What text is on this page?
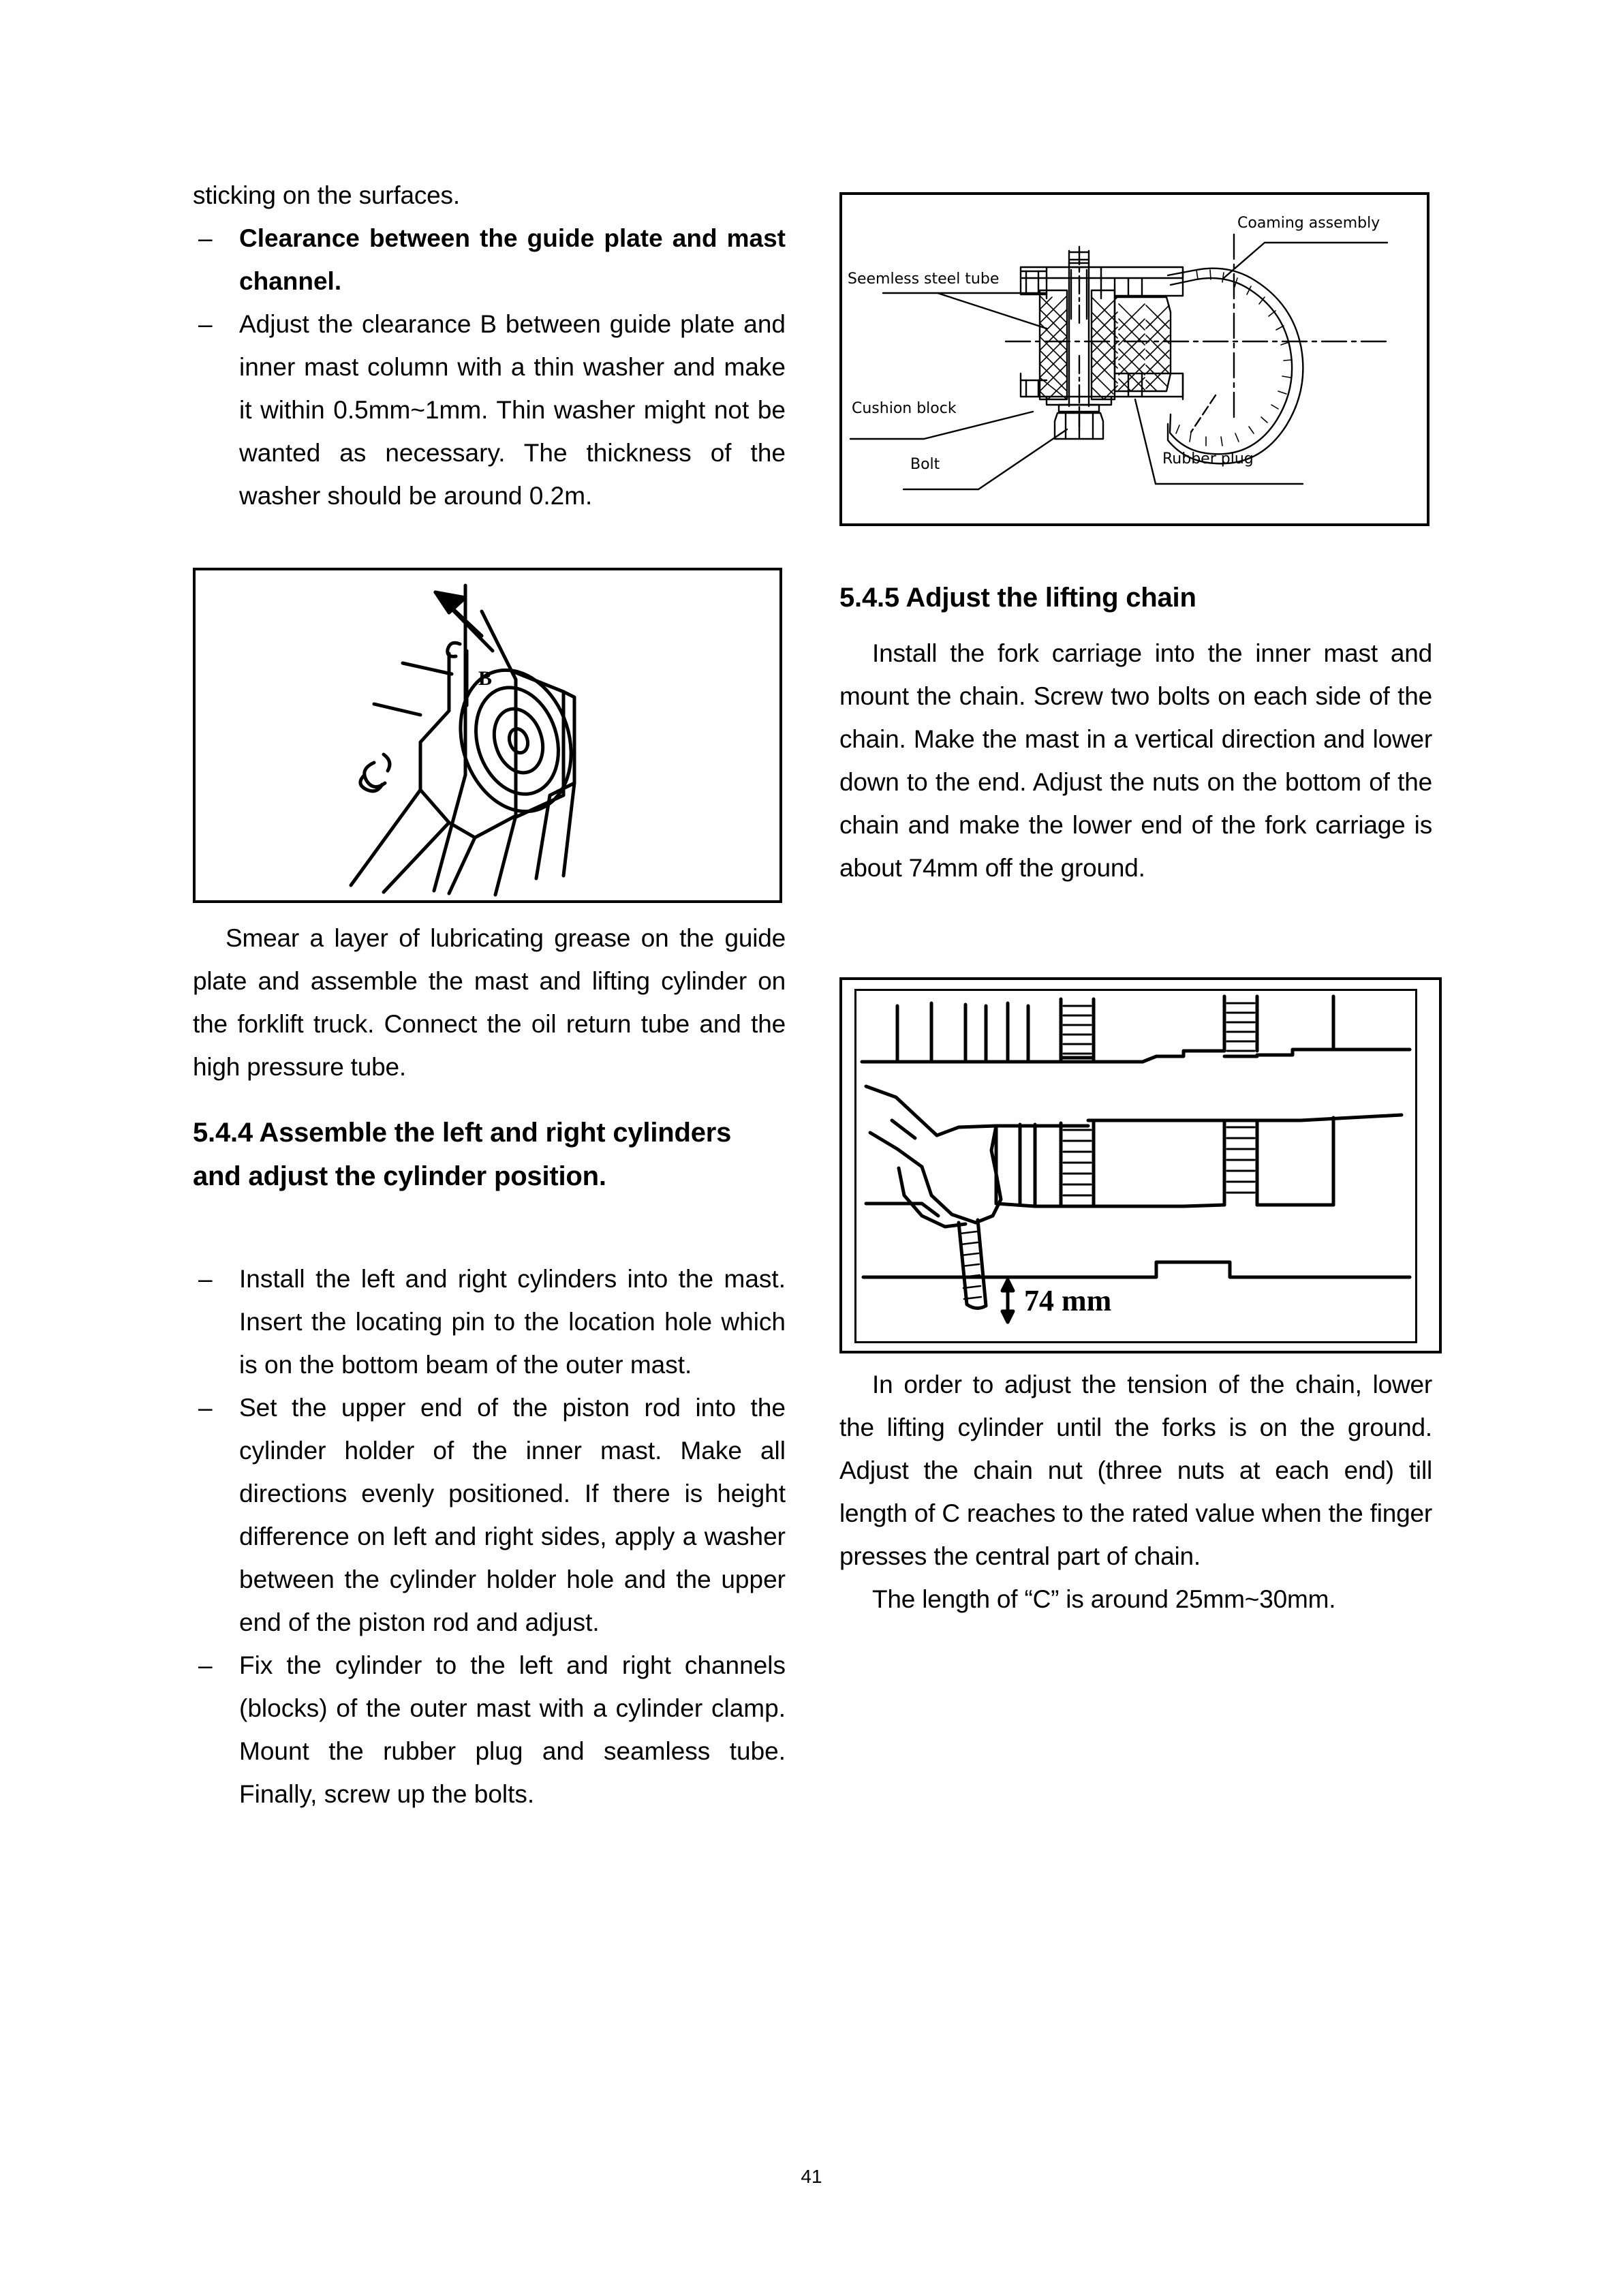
sticking on the surfaces.

–	Clearance between the guide plate and mast channel.
–	Adjust the clearance B between guide plate and inner mast column with a thin washer and make it within 0.5mm~1mm. Thin washer might not be wanted as necessary. The thickness of the washer should be around 0.2m.
B

Smear a layer of lubricating grease on the guide plate and assemble the mast and lifting cylinder on the forklift truck. Connect the oil return tube and the high pressure tube.

5.4.4 Assemble the left and right cylinders and adjust the cylinder position.
–	Install the left and right cylinders into the mast. Insert the locating pin to the location hole which is on the bottom beam of the outer mast.
–	Set the upper end of the piston rod into the cylinder holder of the inner mast. Make all directions evenly positioned. If there is height difference on left and right sides, apply a washer between the cylinder holder hole and the upper end of the piston rod and adjust.
–	Fix the cylinder to the left and right channels (blocks) of the outer mast with a cylinder clamp. Mount the rubber plug and seamless tube. Finally, screw up the bolts.
Coaming assembly
Seemless steel tube
Cushion block
Bolt	Rubber plug
5.4.5 Adjust the lifting chain

Install the fork carriage into the inner mast and mount the chain. Screw two bolts on each side of the chain. Make the mast in a vertical direction and lower down to the end. Adjust the nuts on the bottom of the chain and make the lower end of the fork carriage is about 74mm off the ground.

74 mm

In order to adjust the tension of the chain, lower the lifting cylinder until the forks is on the ground. Adjust the chain nut (three nuts at each end) till length of C reaches to the rated value when the finger presses the central part of chain.

The length of “C” is around 25mm~30mm.

41
